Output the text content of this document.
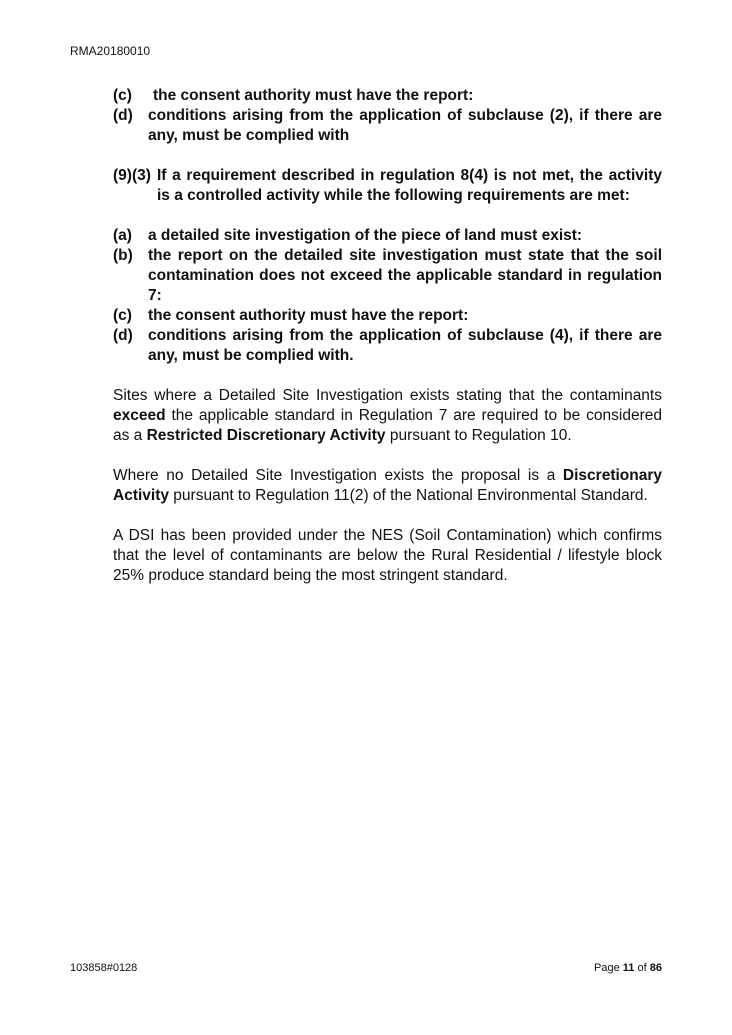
RMA20180010
(c)	the consent authority must have the report:
(d) conditions arising from the application of subclause (2), if there are any, must be complied with
(9)(3) If a requirement described in regulation 8(4) is not met, the activity is a controlled activity while the following requirements are met:
(a)	a detailed site investigation of the piece of land must exist:
(b) the report on the detailed site investigation must state that the soil contamination does not exceed the applicable standard in regulation 7:
(c)	the consent authority must have the report:
(d) conditions arising from the application of subclause (4), if there are any, must be complied with.

Sites where a Detailed Site Investigation exists stating that the contaminants exceed the applicable standard in Regulation 7 are required to be considered as a Restricted Discretionary Activity pursuant to Regulation 10.

Where no Detailed Site Investigation exists the proposal is a Discretionary Activity pursuant to Regulation 11(2) of the National Environmental Standard.

A DSI has been provided under the NES (Soil Contamination) which confirms that the level of contaminants are below the Rural Residential / lifestyle block 25% produce standard being the most stringent standard.

103858#0128	Page 11 of 86
